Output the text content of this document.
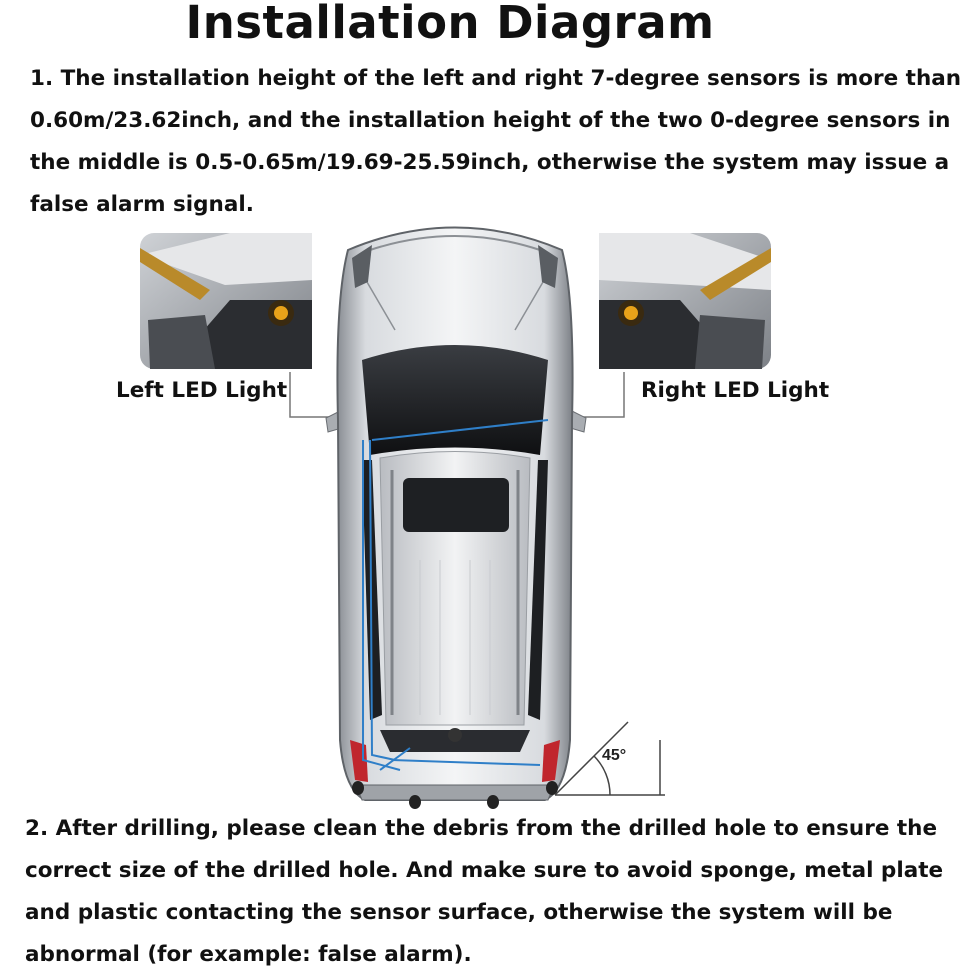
Installation Diagram

1. The installation height of the left and right 7-degree sensors is more than 0.60m/23.62inch, and the installation height of the two 0-degree sensors in the middle is 0.5-0.65m/19.69-25.59inch, otherwise the system may issue a false alarm signal.

Left LED Light	Right LED Light
45°

2. After drilling, please clean the debris from the drilled hole to ensure the correct size of the drilled hole. And make sure to avoid sponge, metal plate and plastic contacting the sensor surface, otherwise the system will be abnormal (for example: false alarm).
